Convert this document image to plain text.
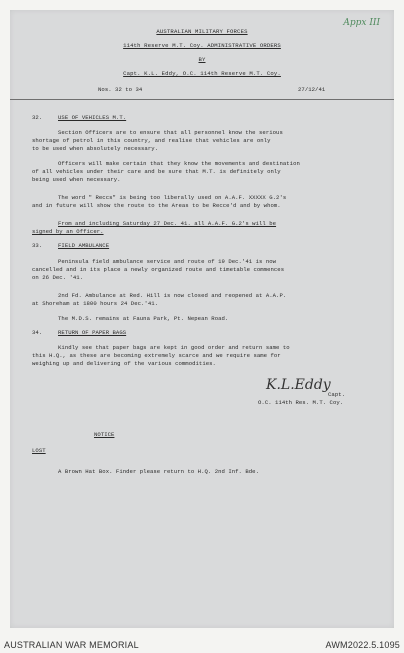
Appx III
AUSTRALIAN MILITARY FORCES
114th Reserve M.T. Coy. ADMINISTRATIVE ORDERS
BY
Capt. K.L. Eddy, O.C. 114th Reserve M.T. Coy.
Nos. 32 to 34	27/12/41
32.	USE OF VEHICLES M.T.
Section Officers are to ensure that all personnel know the serious
shortage of petrol in this country, and realise that vehicles are only
to be used when absolutely necessary.
Officers will make certain that they know the movements and destination
of all vehicles under their care and be sure that M.T. is definitely only
being used when necessary.
The word " Reccs" is being too liberally used on A.A.F. XXXXX G.2's
and in future will show the route to the Areas to be Recce'd and by whom.
From and including Saturday 27 Dec. 41. all A.A.F. G.2's will be
signed by an Officer.
33.	FIELD AMBULANCE
Peninsula field ambulance service and route of 19 Dec.'41 is now
cancelled and in its place a newly organized route and timetable commences
on 26 Dec. '41.
2nd Fd. Ambulance at Red. Hill is now closed and reopened at A.A.P.
at Shoreham at 1800 hours 24 Dec.'41.
The M.D.S. remains at Fauna Park, Pt. Nepean Road.
34.	RETURN OF PAPER BAGS
Kindly see that paper bags are kept in good order and return same to
this H.Q., as these are becoming extremely scarce and we require same for
weighing up and delivering of the various commodities.
K.L.Eddy
Capt.
O.C. 114th Res. M.T. Coy.
NOTICE
LOST
A Brown Hat Box. Finder please return to H.Q. 2nd Inf. Bde.
AUSTRALIAN WAR MEMORIAL	AWM2022.5.1095
